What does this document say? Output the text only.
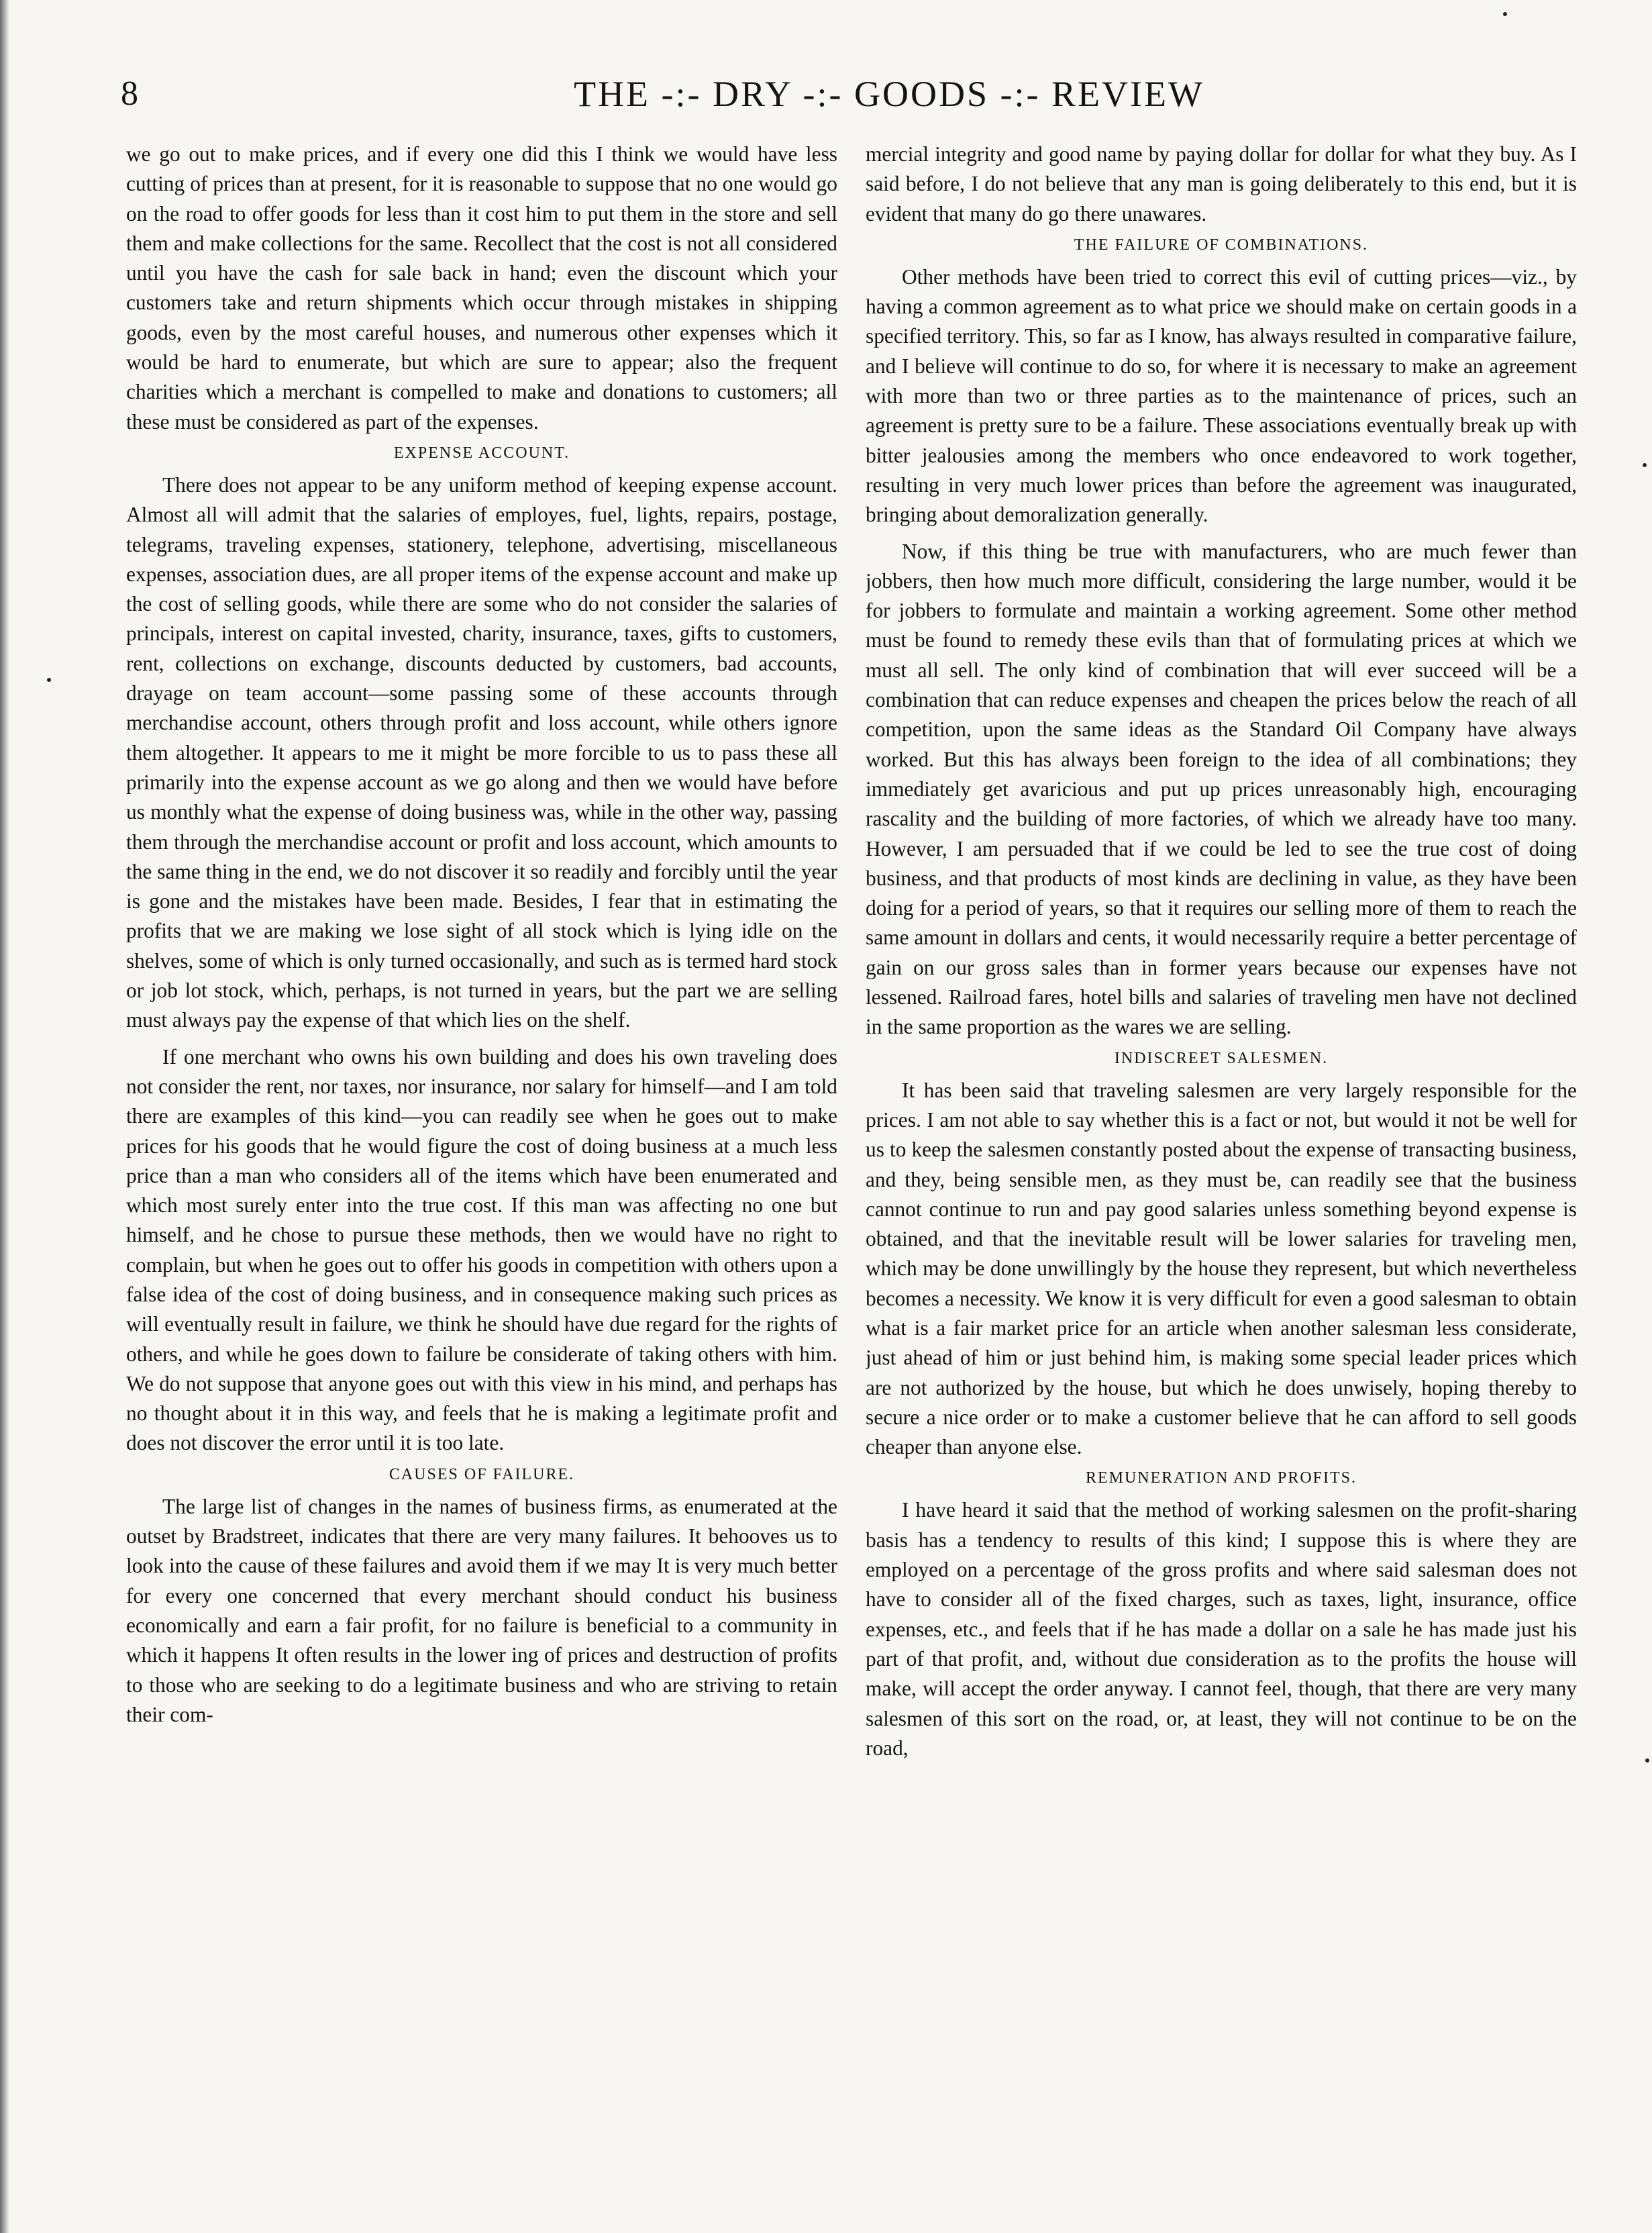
8	THE -:- DRY -:- GOODS -:- REVIEW

we go out to make prices, and if every one did this I think we would have less cutting of prices than at present, for it is reasonable to suppose that no one would go on the road to offer goods for less than it cost him to put them in the store and sell them and make collections for the same. Recollect that the cost is not all considered until you have the cash for sale back in hand; even the discount which your customers take and return shipments which occur through mistakes in shipping goods, even by the most careful houses, and numerous other expenses which it would be hard to enumerate, but which are sure to appear; also the frequent charities which a merchant is compelled to make and donations to customers; all these must be considered as part of the expenses.

EXPENSE ACCOUNT.

There does not appear to be any uniform method of keeping expense account. Almost all will admit that the salaries of employes, fuel, lights, repairs, postage, telegrams, traveling expenses, stationery, telephone, advertising, miscellaneous expenses, association dues, are all proper items of the expense account and make up the cost of selling goods, while there are some who do not consider the salaries of principals, interest on capital invested, charity, insurance, taxes, gifts to customers, rent, collections on exchange, discounts deducted by customers, bad accounts, drayage on team account—some passing some of these accounts through merchandise account, others through profit and loss account, while others ignore them altogether. It appears to me it might be more forcible to us to pass these all primarily into the expense account as we go along and then we would have before us monthly what the expense of doing business was, while in the other way, passing them through the merchandise account or profit and loss account, which amounts to the same thing in the end, we do not discover it so readily and forcibly until the year is gone and the mistakes have been made. Besides, I fear that in estimating the profits that we are making we lose sight of all stock which is lying idle on the shelves, some of which is only turned occasionally, and such as is termed hard stock or job lot stock, which, perhaps, is not turned in years, but the part we are selling must always pay the expense of that which lies on the shelf.

If one merchant who owns his own building and does his own traveling does not consider the rent, nor taxes, nor insurance, nor salary for himself—and I am told there are examples of this kind—you can readily see when he goes out to make prices for his goods that he would figure the cost of doing business at a much less price than a man who considers all of the items which have been enumerated and which most surely enter into the true cost. If this man was affecting no one but himself, and he chose to pursue these methods, then we would have no right to complain, but when he goes out to offer his goods in competition with others upon a false idea of the cost of doing business, and in consequence making such prices as will eventually result in failure, we think he should have due regard for the rights of others, and while he goes down to failure be considerate of taking others with him. We do not suppose that anyone goes out with this view in his mind, and perhaps has no thought about it in this way, and feels that he is making a legitimate profit and does not discover the error until it is too late.

CAUSES OF FAILURE.

The large list of changes in the names of business firms, as enumerated at the outset by Bradstreet, indicates that there are very many failures. It behooves us to look into the cause of these failures and avoid them if we may It is very much better for every one concerned that every merchant should conduct his business economically and earn a fair profit, for no failure is beneficial to a community in which it happens It often results in the lower ing of prices and destruction of profits to those who are seeking to do a legitimate business and who are striving to retain their com-

mercial integrity and good name by paying dollar for dollar for what they buy. As I said before, I do not believe that any man is going deliberately to this end, but it is evident that many do go there unawares.

THE FAILURE OF COMBINATIONS.

Other methods have been tried to correct this evil of cutting prices—viz., by having a common agreement as to what price we should make on certain goods in a specified territory. This, so far as I know, has always resulted in comparative failure, and I believe will continue to do so, for where it is necessary to make an agreement with more than two or three parties as to the maintenance of prices, such an agreement is pretty sure to be a failure. These associations eventually break up with bitter jealousies among the members who once endeavored to work together, resulting in very much lower prices than before the agreement was inaugurated, bringing about demoralization generally.

Now, if this thing be true with manufacturers, who are much fewer than jobbers, then how much more difficult, considering the large number, would it be for jobbers to formulate and maintain a working agreement. Some other method must be found to remedy these evils than that of formulating prices at which we must all sell. The only kind of combination that will ever succeed will be a combination that can reduce expenses and cheapen the prices below the reach of all competition, upon the same ideas as the Standard Oil Company have always worked. But this has always been foreign to the idea of all combinations; they immediately get avaricious and put up prices unreasonably high, encouraging rascality and the building of more factories, of which we already have too many. However, I am persuaded that if we could be led to see the true cost of doing business, and that products of most kinds are declining in value, as they have been doing for a period of years, so that it requires our selling more of them to reach the same amount in dollars and cents, it would necessarily require a better percentage of gain on our gross sales than in former years because our expenses have not lessened. Railroad fares, hotel bills and salaries of traveling men have not declined in the same proportion as the wares we are selling.

INDISCREET SALESMEN.

It has been said that traveling salesmen are very largely responsible for the prices. I am not able to say whether this is a fact or not, but would it not be well for us to keep the salesmen constantly posted about the expense of transacting business, and they, being sensible men, as they must be, can readily see that the business cannot continue to run and pay good salaries unless something beyond expense is obtained, and that the inevitable result will be lower salaries for traveling men, which may be done unwillingly by the house they represent, but which nevertheless becomes a necessity. We know it is very difficult for even a good salesman to obtain what is a fair market price for an article when another salesman less considerate, just ahead of him or just behind him, is making some special leader prices which are not authorized by the house, but which he does unwisely, hoping thereby to secure a nice order or to make a customer believe that he can afford to sell goods cheaper than anyone else.

REMUNERATION AND PROFITS.

I have heard it said that the method of working salesmen on the profit-sharing basis has a tendency to results of this kind; I suppose this is where they are employed on a percentage of the gross profits and where said salesman does not have to consider all of the fixed charges, such as taxes, light, insurance, office expenses, etc., and feels that if he has made a dollar on a sale he has made just his part of that profit, and, without due consideration as to the profits the house will make, will accept the order anyway. I cannot feel, though, that there are very many salesmen of this sort on the road, or, at least, they will not continue to be on the road,
